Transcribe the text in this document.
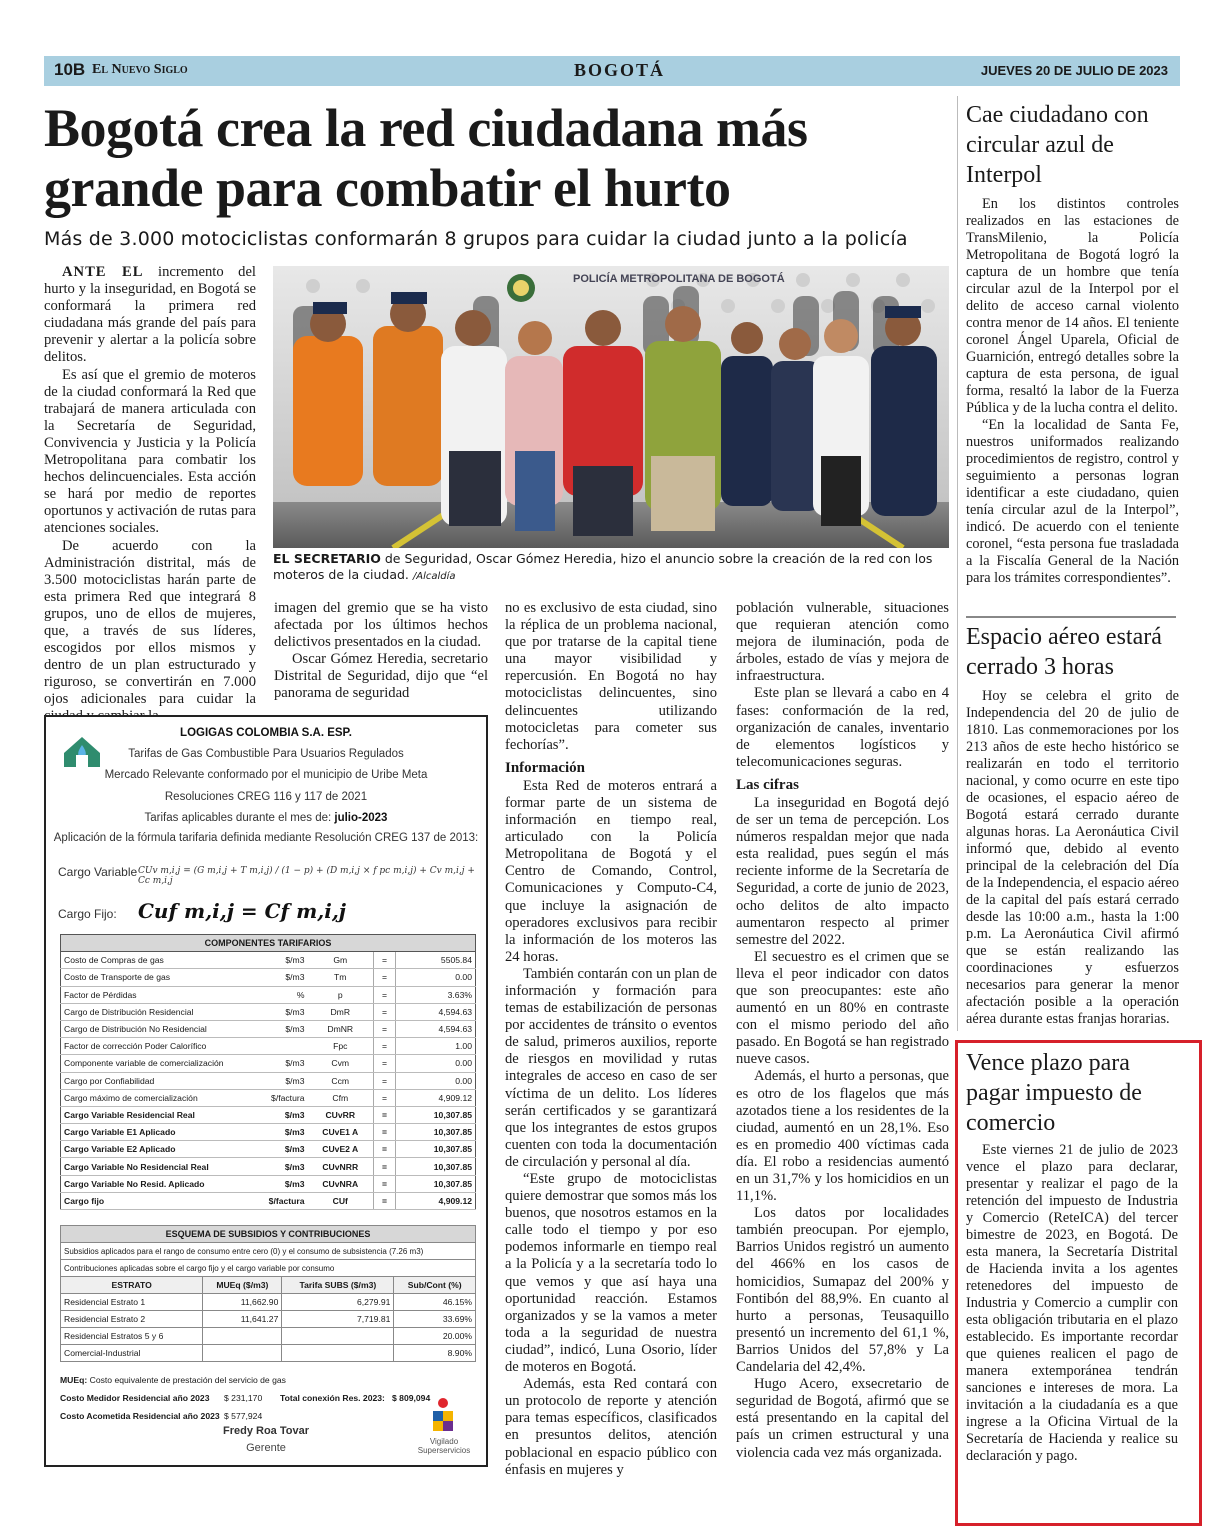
10B El Nuevo Siglo	BOGOTÁ	JUEVES 20 DE JULIO DE 2023
Bogotá crea la red ciudadana más grande para combatir el hurto
Más de 3.000 motociclistas conformarán 8 grupos para cuidar la ciudad junto a la policía

ANTE EL incremento del hurto y la inseguridad, en Bogotá se conformará la primera red ciudadana más grande del país para prevenir y alertar a la policía sobre delitos.

Es así que el gremio de moteros de la ciudad conformará la Red que trabajará de manera articulada con la Secretaría de Seguridad, Convivencia y Justicia y la Policía Metropolitana para combatir los hechos delincuenciales. Esta acción se hará por medio de reportes oportunos y activación de rutas para atenciones sociales.

De acuerdo con la Administración distrital, más de 3.500 motociclistas harán parte de esta primera Red que integrará 8 grupos, uno de ellos de mujeres, que, a través de sus líderes, escogidos por ellos mismos y dentro de un plan estructurado y riguroso, se convertirán en 7.000 ojos adicionales para cuidar la

POLICÍA METROPOLITANA DE BOGOTÁ
EL SECRETARIO de Seguridad, Oscar Gómez Heredia, hizo el anuncio sobre la creación de la red con los moteros de la ciudad. /Alcaldía

imagen del gremio que se ha visto afectada por los últimos hechos delictivos presentados en la ciudad.

Oscar Gómez Heredia, secretario Distrital de Seguridad, dijo que “el panorama de seguridad

no es exclusivo de esta ciudad, sino la réplica de un problema nacional, que por tratarse de la capital tiene una mayor visibilidad y repercusión. En Bogotá no hay motociclistas delincuentes, sino delincuentes utilizando motocicletas para cometer sus fechorías”.

Información

Esta Red de moteros entrará a formar parte de un sistema de información en tiempo real, articulado con la Policía Metropolitana de Bogotá y el Centro de Comando, Control, Comunicaciones y Computo-C4, que incluye la asignación de operadores exclusivos para recibir la información de los moteros las 24 horas.

También contarán con un plan de información y formación para temas de estabilización de personas por accidentes de tránsito o eventos de salud, primeros auxilios, reporte de riesgos en movilidad y rutas integrales de acceso en caso de ser víctima de un delito. Los líderes serán certificados y se garantizará que los integrantes de estos grupos cuenten con toda la documentación de circulación y personal al día.

“Este grupo de motociclistas quiere demostrar que somos más los buenos, que nosotros estamos en la calle todo el tiempo y por eso podemos informarle en tiempo real a la Policía y a la secretaría todo lo que vemos y que así haya una oportunidad reacción. Estamos organizados y se la vamos a meter toda a la seguridad de nuestra ciudad”, indicó, Luna Osorio, líder de moteros en Bogotá.

Además, esta Red contará con un protocolo de reporte y atención para temas específicos, clasificados en presuntos delitos, atención poblacional en espacio público con énfasis en mujeres y

población vulnerable, situaciones que requieran atención como mejora de iluminación, poda de árboles, estado de vías y mejora de infraestructura.

Este plan se llevará a cabo en 4 fases: conformación de la red, organización de canales, inventario de elementos logísticos y telecomunicaciones seguras.

Las cifras

La inseguridad en Bogotá dejó de ser un tema de percepción. Los números respaldan mejor que nada esta realidad, pues según el más reciente informe de la Secretaría de Seguridad, a corte de junio de 2023, ocho delitos de alto impacto aumentaron respecto al primer semestre del 2022.

El secuestro es el crimen que se lleva el peor indicador con datos que son preocupantes: este año aumentó en un 80% en contraste con el mismo periodo del año pasado. En Bogotá se han registrado nueve casos.

Además, el hurto a personas, que es otro de los flagelos que más azotados tiene a los residentes de la ciudad, aumentó en un 28,1%. Eso es en promedio 400 víctimas cada día. El robo a residencias aumentó en un 31,7% y los homicidios en un 11,1%.

Los datos por localidades también preocupan. Por ejemplo, Barrios Unidos registró un aumento del 466% en los casos de homicidios, Sumapaz del 200% y Fontibón del 88,9%. En cuanto al hurto a personas, Teusaquillo presentó un incremento del 61,1 %, Barrios Unidos del 57,8% y La Candelaria del 42,4%.

Hugo Acero, exsecretario de seguridad de Bogotá, afirmó que se está presentando en la capital del país un crimen estructural y una violencia cada vez más organizada.

Cae ciudadano con circular azul de Interpol

En los distintos controles realizados en las estaciones de TransMilenio, la Policía Metropolitana de Bogotá logró la captura de un hombre que tenía circular azul de la Interpol por el delito de acceso carnal violento contra menor de 14 años. El teniente coronel Ángel Uparela, Oficial de Guarnición, entregó detalles sobre la captura de esta persona, de igual forma, resaltó la labor de la Fuerza Pública y de la lucha contra el delito.

“En la localidad de Santa Fe, nuestros uniformados realizando procedimientos de registro, control y seguimiento a personas logran identificar a este ciudadano, quien tenía circular azul de la Interpol”, indicó. De acuerdo con el teniente coronel, “esta persona fue trasladada a la Fiscalía General de la Nación para los trámites correspondientes”.

Espacio aéreo estará cerrado 3 horas

Hoy se celebra el grito de Independencia del 20 de julio de 1810. Las conmemoraciones por los 213 años de este hecho histórico se realizarán en todo el territorio nacional, y como ocurre en este tipo de ocasiones, el espacio aéreo de Bogotá estará cerrado durante algunas horas. La Aeronáutica Civil informó que, debido al evento principal de la celebración del Día de la Independencia, el espacio aéreo de la capital del país estará cerrado desde las 10:00 a.m., hasta la 1:00 p.m. La Aeronáutica Civil afirmó que se están realizando las coordinaciones y esfuerzos necesarios para generar la menor afectación posible a la operación aérea durante estas franjas horarias.

Vence plazo para pagar impuesto de comercio

Este viernes 21 de julio de 2023 vence el plazo para declarar, presentar y realizar el pago de la retención del impuesto de Industria y Comercio (ReteICA) del tercer bimestre de 2023, en Bogotá. De esta manera, la Secretaría Distrital de Hacienda invita a los agentes retenedores del impuesto de Industria y Comercio a cumplir con esta obligación tributaria en el plazo establecido. Es importante recordar que quienes realicen el pago de manera extemporánea tendrán sanciones e intereses de mora. La invitación a la ciudadanía es a que ingrese a la Oficina Virtual de la Secretaría de Hacienda y realice su declaración y pago.

LOGIGAS COLOMBIA S.A. ESP.
Tarifas de Gas Combustible Para Usuarios Regulados
Mercado Relevante conformado por el municipio de Uribe Meta
Resoluciones CREG 116 y 117 de 2021
Tarifas aplicables durante el mes de: julio-2023
Aplicación de la fórmula tarifaria definida mediante Resolución CREG 137 de 2013:
Cargo Variable CUv m,i,j = (G m,i,j + T m,i,j) / (1 − p) + (D m,i,j × f pc m,i,j) + Cv m,i,j + Cc m,i,j
Cargo Fijo: Cuf m,i,j = Cf m,i,j
COMPONENTES TARIFARIOS				
Costo de Compras de gas	$/m3	Gm	=	5505.84
Costo de Transporte de gas	$/m3	Tm	=	0.00
Factor de Pérdidas	%	p	=	3.63%
Cargo de Distribución Residencial	$/m3	DmR	=	4,594.63
Cargo de Distribución No Residencial	$/m3	DmNR	=	4,594.63
Factor de corrección Poder Calorífico		Fpc	=	1.00
Componente variable de comercialización	$/m3	Cvm	=	0.00
Cargo por Confiabilidad	$/m3	Ccm	=	0.00
Cargo máximo de comercialización	$/factura	Cfm	=	4,909.12
Cargo Variable Residencial Real	$/m3	CUvRR	=	10,307.85
Cargo Variable E1 Aplicado	$/m3	CUvE1 A	=	10,307.85
Cargo Variable E2 Aplicado	$/m3	CUvE2 A	=	10,307.85
Cargo Variable No Residencial Real	$/m3	CUvNRR	=	10,307.85
Cargo Variable No Resid. Aplicado	$/m3	CUvNRA	=	10,307.85
Cargo fijo	$/factura	CUf	=	4,909.12
ESQUEMA DE SUBSIDIOS Y CONTRIBUCIONES			
Subsidios aplicados para el rango de consumo entre cero (0) y el consumo de subsistencia (7.26 m3)			
Contribuciones aplicadas sobre el cargo fijo y el cargo variable por consumo			
ESTRATO	MUEq ($/m3)	Tarifa SUBS ($/m3)	Sub/Cont (%)
Residencial Estrato 1	11,662.90	6,279.91	46.15%
Residencial Estrato 2	11,641.27	7,719.81	33.69%
Residencial Estratos 5 y 6			20.00%
Comercial-Industrial			8.90%
MUEq: Costo equivalente de prestación del servicio de gas
Costo Medidor Residencial año 2023 $ 231,170 Total conexión Res. 2023: $ 809,094
Costo Acometida Residencial año 2023 $ 577,924
Fredy Roa Tovar
Gerente
Vigilado
Superservicios
